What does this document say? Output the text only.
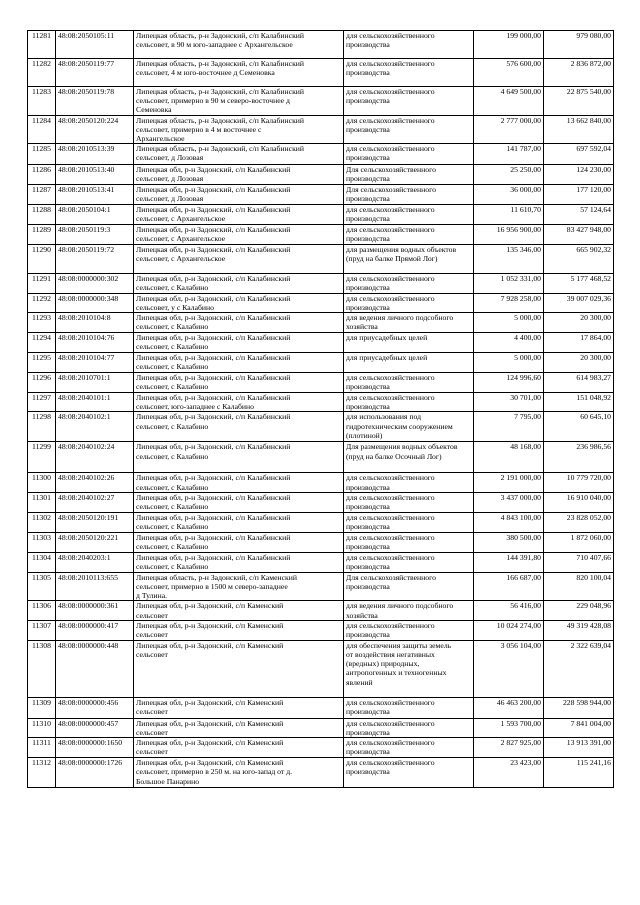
11281	48:08:2050105:11	Липецкая область, р-н Задонский, с/п Калабинский
сельсовет, в 90 м юго-западнее с Архангельское	для сельскохозяйственного
производства	199 000,00	979 080,00
11282	48:08:2050119:77	Липецкая область, р-н Задонский, с/п Калабинский
сельсовет, 4 м юго-восточнее д Семеновка	для сельскохозяйственного
производства	576 600,00	2 836 872,00
11283	48:08:2050119:78	Липецкая область, р-н Задонский, с/п Калабинский
сельсовет, примерно в 90 м северо-восточнее д
Семеновка	для сельскохозяйственного
производства	4 649 500,00	22 875 540,00
11284	48:08:2050120:224	Липецкая область, р-н Задонский, с/п Калабинский
сельсовет, примерно в 4 м восточнее с
Архангельское	для сельскохозяйственного
производства	2 777 000,00	13 662 840,00
11285	48:08:2010513:39	Липецкая область, р-н Задонский, с/п Калабинский
сельсовет, д Лозовая	для сельскохозяйственного
производства	141 787,00	697 592,04
11286	48:08:2010513:40	Липецкая обл, р-н Задонский, с/п Калабинский
сельсовет, д Лозовая	Для сельскохозяйственного
производства	25 250,00	124 230,00
11287	48:08:2010513:41	Липецкая обл, р-н Задонский, с/п Калабинский
сельсовет, д Лозовая	Для сельскохозяйственного
производства	36 000,00	177 120,00
11288	48:08:2050104:1	Липецкая обл, р-н Задонский, с/п Калабинский
сельсовет, с Архангельское	для сельскохозяйственного
производства	11 610,70	57 124,64
11289	48:08:2050119:3	Липецкая обл, р-н Задонский, с/п Калабинский
сельсовет, с Архангельское	для сельскохозяйственного
производства	16 956 900,00	83 427 948,00
11290	48:08:2050119:72	Липецкая обл, р-н Задонский, с/п Калабинский
сельсовет, с Архангельское	для размещения водных объектов
(пруд на балке Прямой Лог)	135 346,00	665 902,32
11291	48:08:0000000:302	Липецкая обл, р-н Задонский, с/п Калабинский
сельсовет, с Калабино	для сельскохозяйственного
производства	1 052 331,00	5 177 468,52
11292	48:08:0000000:348	Липецкая обл, р-н Задонский, с/п Калабинский
сельсовет, у с Калабино	для сельскохозяйственного
производства	7 928 258,00	39 007 029,36
11293	48:08:2010104:8	Липецкая обл, р-н Задонский, с/п Калабинский
сельсовет, с Калабино	для ведения личного подсобного
хозяйства	5 000,00	20 300,00
11294	48:08:2010104:76	Липецкая обл, р-н Задонский, с/п Калабинский
сельсовет, с Калабино	для приусадебных целей	4 400,00	17 864,00
11295	48:08:2010104:77	Липецкая обл, р-н Задонский, с/п Калабинский
сельсовет, с Калабино	для приусадебных целей	5 000,00	20 300,00
11296	48:08:2010701:1	Липецкая обл, р-н Задонский, с/п Калабинский
сельсовет, с Калабино	для сельскохозяйственного
производства	124 996,60	614 983,27
11297	48:08:2040101:1	Липецкая обл, р-н Задонский, с/п Калабинский
сельсовет, юго-западнее с Калабино	для сельскохозяйственного
производства	30 701,00	151 048,92
11298	48:08:2040102:1	Липецкая обл, р-н Задонский, с/п Калабинский
сельсовет, с Калабино	для использования под
гидротехническим сооружением
(плотиной)	7 795,00	60 645,10
11299	48:08:2040102:24	Липецкая обл, р-н Задонский, с/п Калабинский
сельсовет, с Калабино	Для размещения водных объектов
(пруд на балке Осочный Лог)	48 168,00	236 986,56
11300	48:08:2040102:26	Липецкая обл, р-н Задонский, с/п Калабинский
сельсовет, с Калабино	для сельскохозяйственного
производства	2 191 000,00	10 779 720,00
11301	48:08:2040102:27	Липецкая обл, р-н Задонский, с/п Калабинский
сельсовет, с Калабино	для сельскохозяйственного
производства	3 437 000,00	16 910 040,00
11302	48:08:2050120:191	Липецкая обл, р-н Задонский, с/п Калабинский
сельсовет, с Калабино	для сельскохозяйственного
производства	4 843 100,00	23 828 052,00
11303	48:08:2050120:221	Липецкая обл, р-н Задонский, с/п Калабинский
сельсовет, с Калабино	для сельскохозяйственного
производства	380 500,00	1 872 060,00
11304	48:08:2040203:1	Липецкая обл, р-н Задонский, с/п Калабинский
сельсовет, с Калабино	для сельскохозяйственного
производства	144 391,80	710 407,66
11305	48:08:2010113:655	Липецкая область, р-н Задонский, с/п Каменский
сельсовет, примерно в 1500 м северо-западнее
д Тулина.	Для сельскохозяйственного
производства	166 687,00	820 100,04
11306	48:08:0000000:361	Липецкая обл, р-н Задонский, с/п Каменский
сельсовет	для ведения личного подсобного
хозяйства	56 416,00	229 048,96
11307	48:08:0000000:417	Липецкая обл, р-н Задонский, с/п Каменский
сельсовет	для сельскохозяйственного
производства	10 024 274,00	49 319 428,08
11308	48:08:0000000:448	Липецкая обл, р-н Задонский, с/п Каменский
сельсовет	для обеспечения защиты земель
от воздействия негативных
(вредных) природных,
антропогенных и техногенных
явлений	3 056 104,00	2 322 639,04
11309	48:08:0000000:456	Липецкая обл, р-н Задонский, с/п Каменский
сельсовет	для сельскохозяйственного
производства	46 463 200,00	228 598 944,00
11310	48:08:0000000:457	Липецкая обл, р-н Задонский, с/п Каменский
сельсовет	для сельскохозяйственного
производства	1 593 700,00	7 841 004,00
11311	48:08:0000000:1650	Липецкая обл, р-н Задонский, с/п Каменский
сельсовет	для сельскохозяйственного
производства	2 827 925,00	13 913 391,00
11312	48:08:0000000:1726	Липецкая обл, р-н Задонский, с/п Каменский
сельсовет, примерно в 250 м. на юго-запад от д.
Большое Панарино	для сельскохозяйственного
производства	23 423,00	115 241,16
